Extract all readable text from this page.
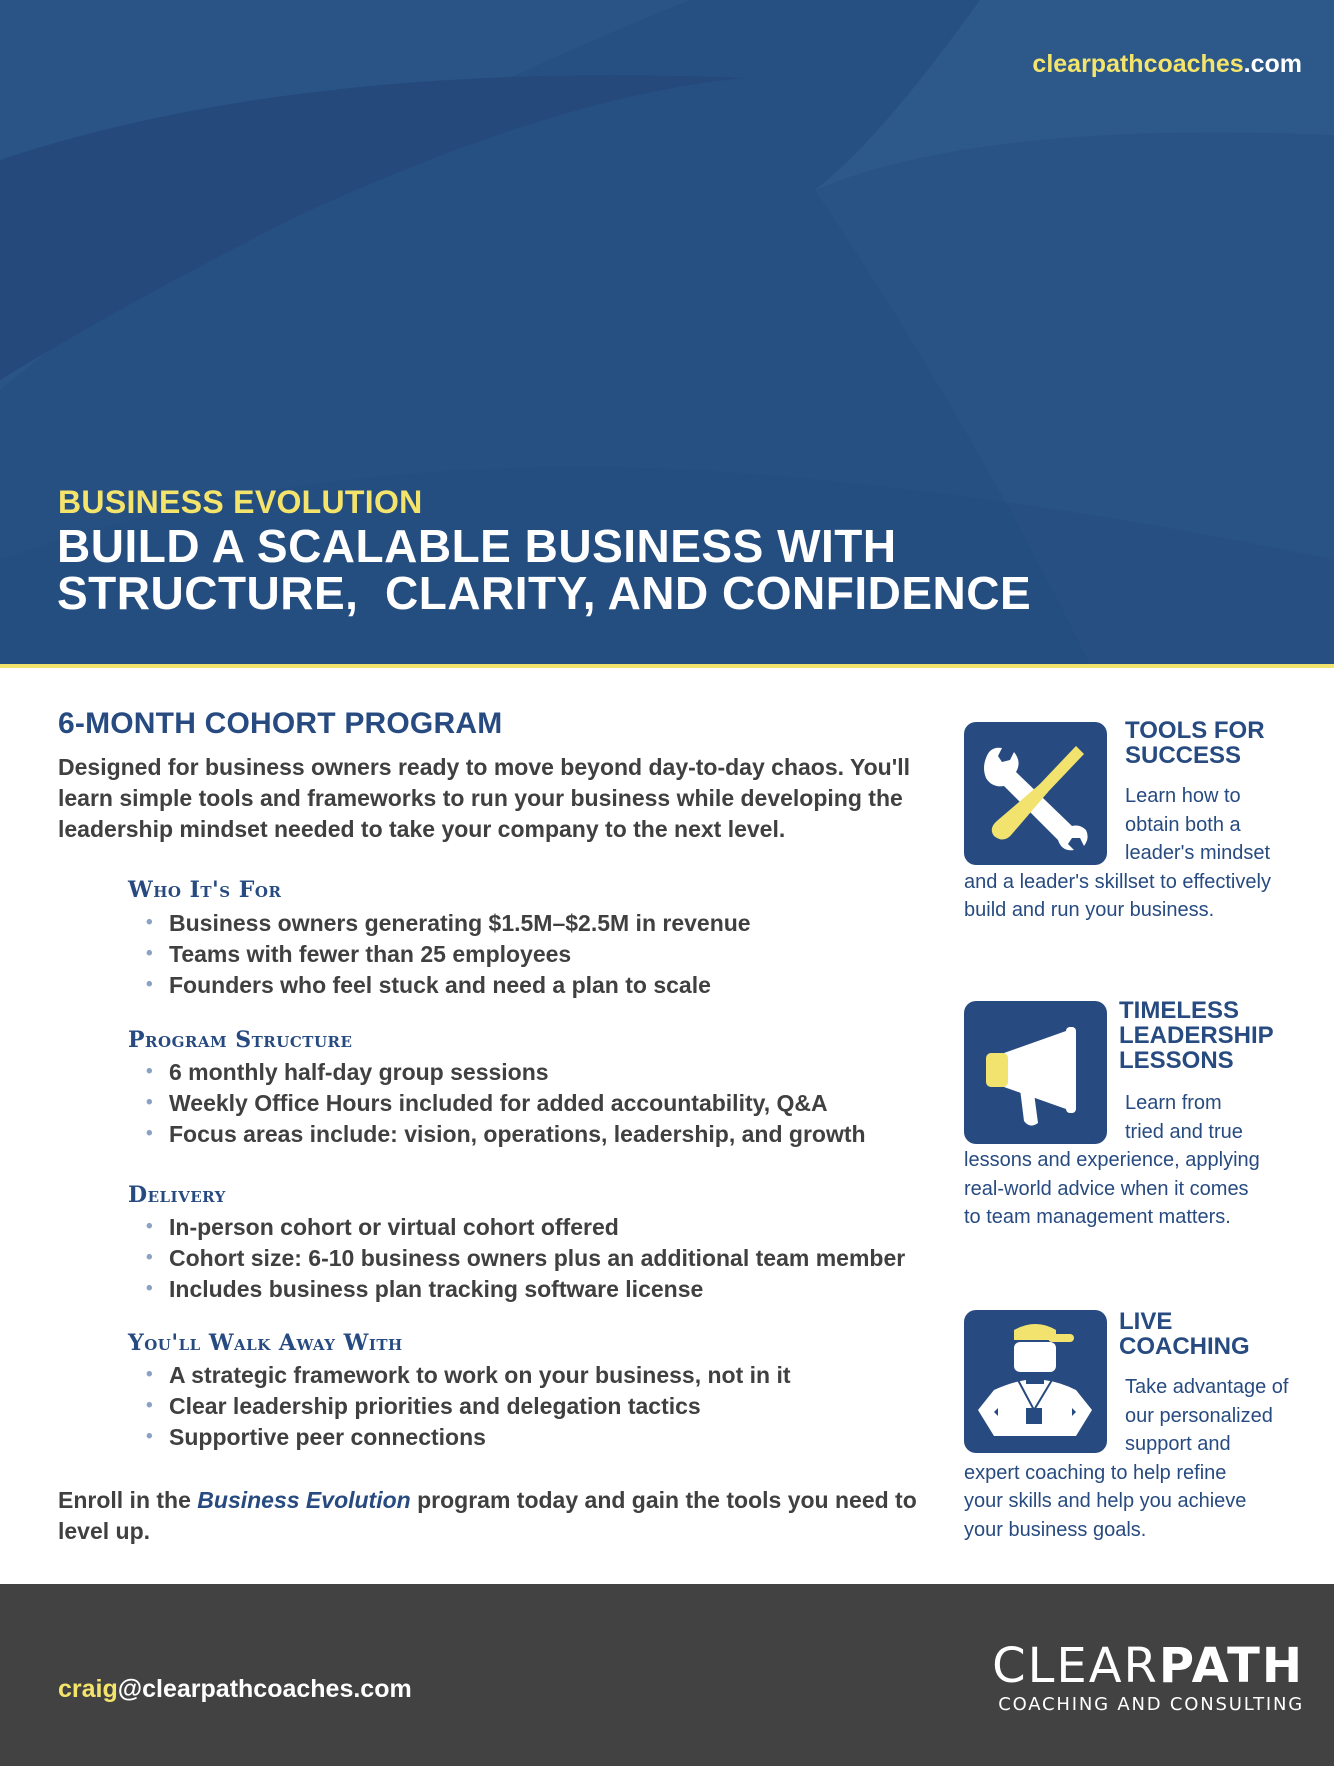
clearpathcoaches.com
BUSINESS EVOLUTION
BUILD A SCALABLE BUSINESS WITH
STRUCTURE,  CLARITY, AND CONFIDENCE
6-MONTH COHORT PROGRAM
Designed for business owners ready to move beyond day-to-day chaos. You'll learn simple tools and frameworks to run your business while developing the leadership mindset needed to take your company to the next level.
Who It's For
• Business owners generating $1.5M–$2.5M in revenue
• Teams with fewer than 25 employees
• Founders who feel stuck and need a plan to scale
Program Structure
• 6 monthly half-day group sessions
• Weekly Office Hours included for added accountability, Q&A
• Focus areas include: vision, operations, leadership, and growth
Delivery
• In-person cohort or virtual cohort offered
• Cohort size: 6-10 business owners plus an additional team member
• Includes business plan tracking software license
You'll Walk Away With
• A strategic framework to work on your business, not in it
• Clear leadership priorities and delegation tactics
• Supportive peer connections
Enroll in the Business Evolution program today and gain the tools you need to level up.
TOOLS FOR
SUCCESS
Learn how to
obtain both a
leader's mindset
and a leader's skillset to effectively
build and run your business.
TIMELESS
LEADERSHIP
LESSONS
Learn from
tried and true
lessons and experience, applying
real-world advice when it comes
to team management matters.
LIVE
COACHING
Take advantage of
our personalized
support and
expert coaching to help refine
your skills and help you achieve
your business goals.
craig@clearpathcoaches.com	CLEARPATH
COACHING AND CONSULTING
